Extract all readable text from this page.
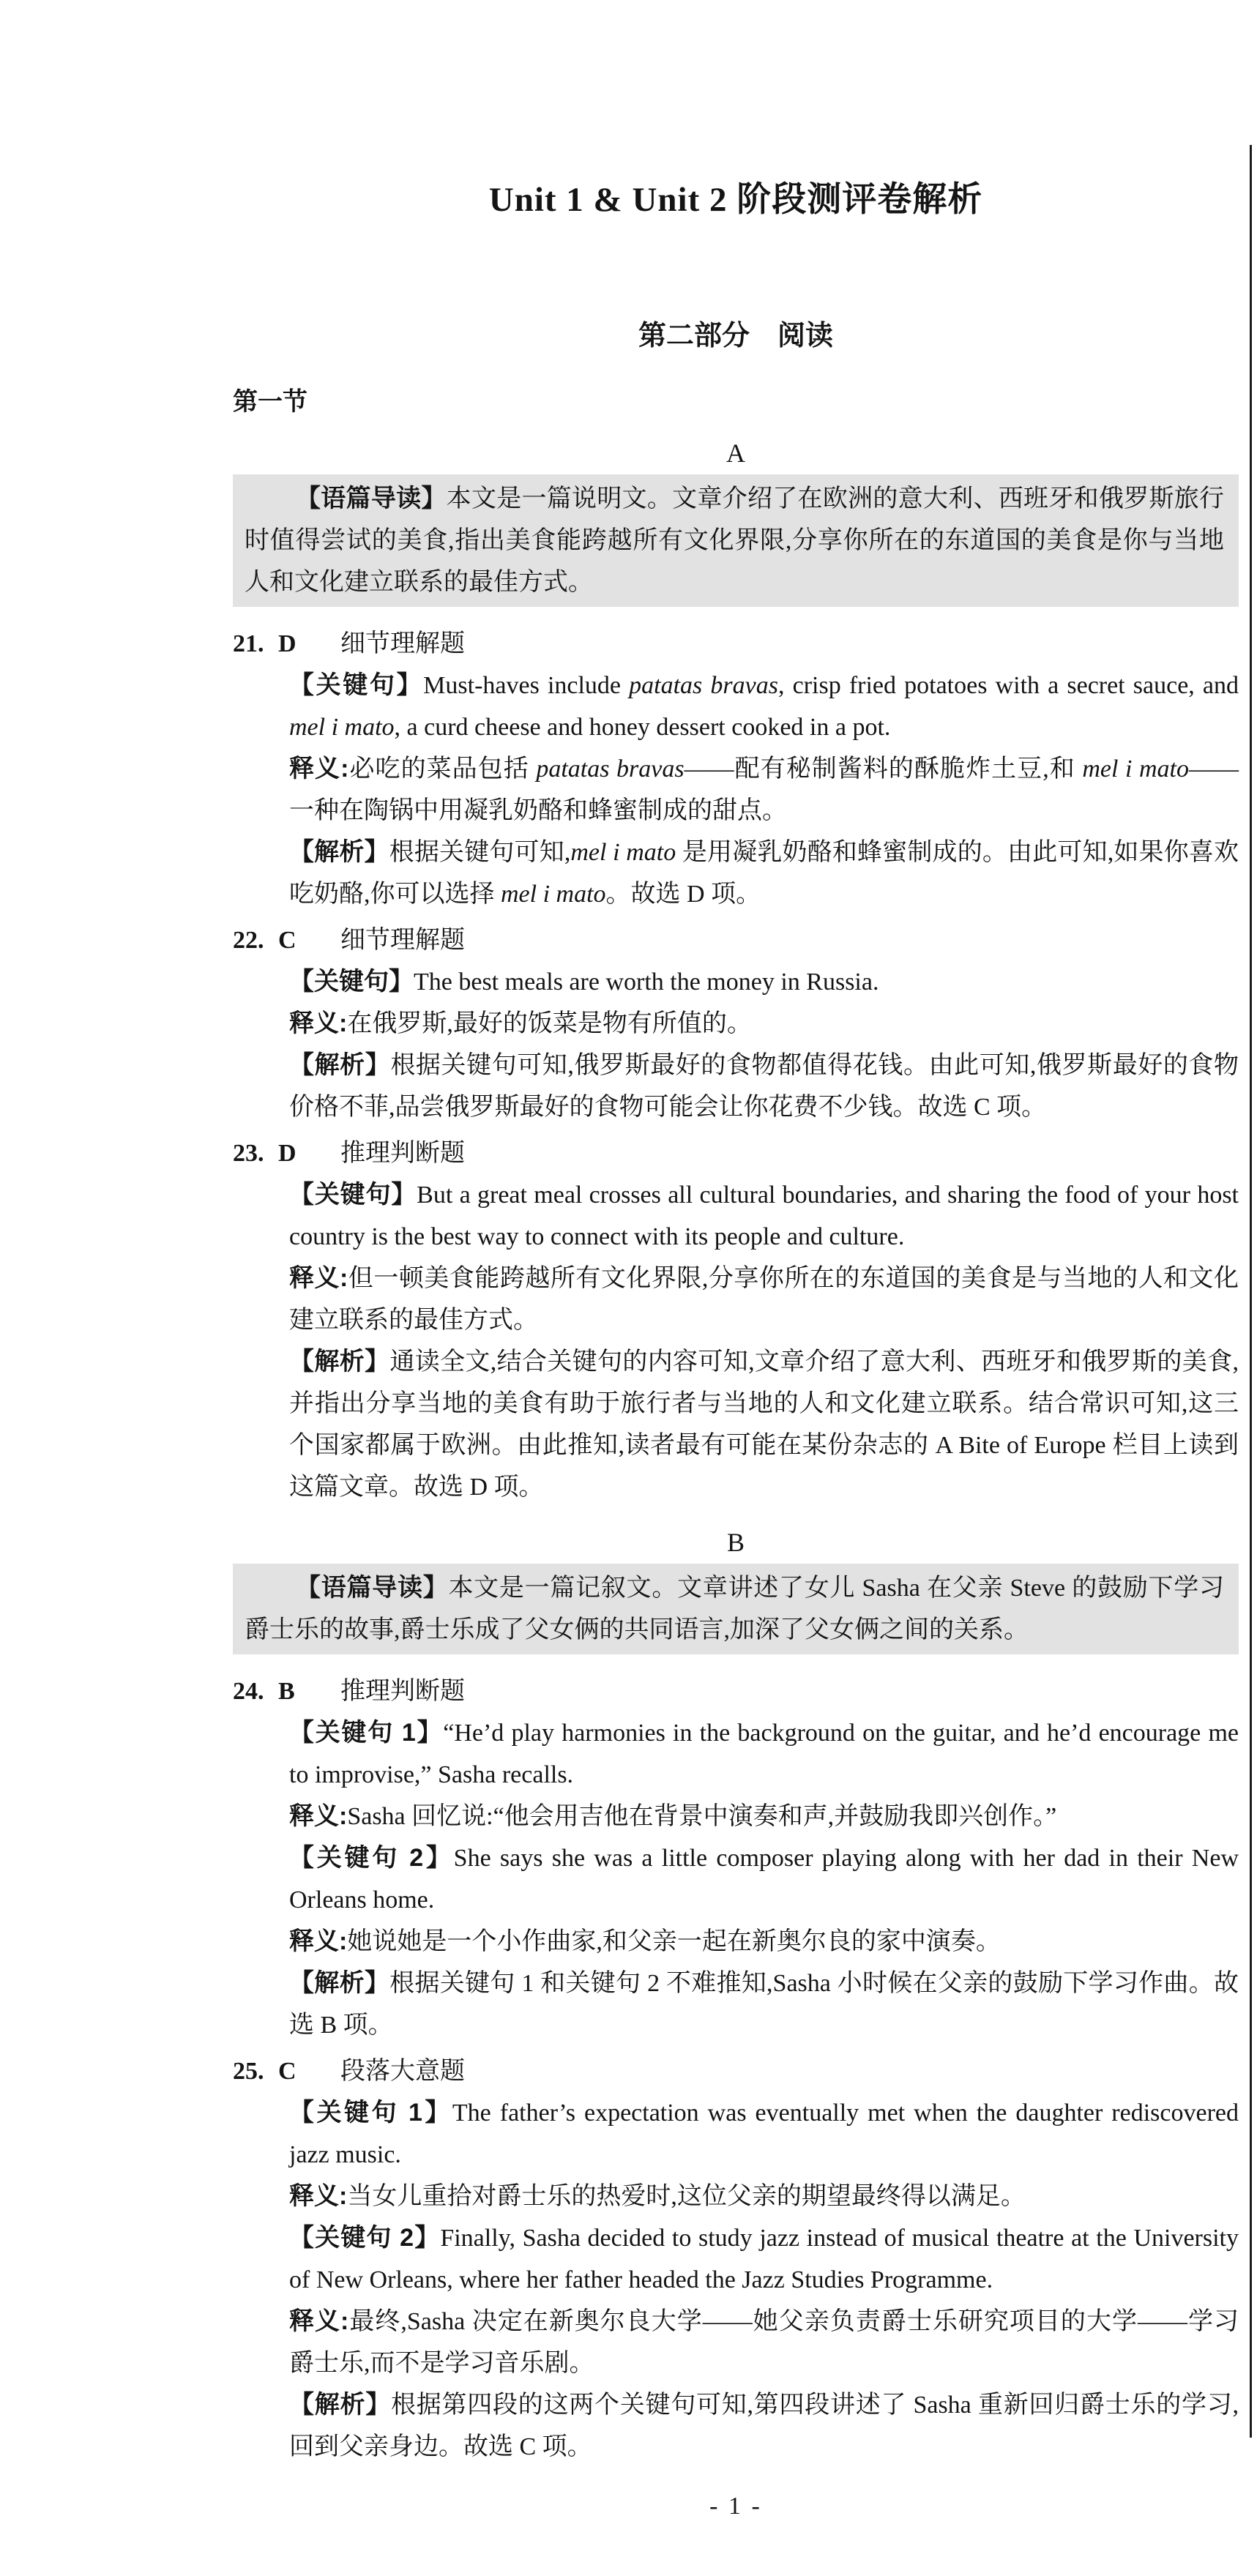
Unit 1 & Unit 2 阶段测评卷解析
第二部分　阅读
第一节
A

【语篇导读】本文是一篇说明文。文章介绍了在欧洲的意大利、西班牙和俄罗斯旅行时值得尝试的美食,指出美食能跨越所有文化界限,分享你所在的东道国的美食是你与当地人和文化建立联系的最佳方式。

21. D 细节理解题

【关键句】Must-haves include patatas bravas, crisp fried potatoes with a secret sauce, and mel i mato, a curd cheese and honey dessert cooked in a pot.

释义:必吃的菜品包括 patatas bravas——配有秘制酱料的酥脆炸土豆,和 mel i mato——一种在陶锅中用凝乳奶酪和蜂蜜制成的甜点。

【解析】根据关键句可知,mel i mato 是用凝乳奶酪和蜂蜜制成的。由此可知,如果你喜欢吃奶酪,你可以选择 mel i mato。故选 D 项。

22. C 细节理解题

【关键句】The best meals are worth the money in Russia.

释义:在俄罗斯,最好的饭菜是物有所值的。

【解析】根据关键句可知,俄罗斯最好的食物都值得花钱。由此可知,俄罗斯最好的食物价格不菲,品尝俄罗斯最好的食物可能会让你花费不少钱。故选 C 项。

23. D 推理判断题

【关键句】But a great meal crosses all cultural boundaries, and sharing the food of your host country is the best way to connect with its people and culture.

释义:但一顿美食能跨越所有文化界限,分享你所在的东道国的美食是与当地的人和文化建立联系的最佳方式。

【解析】通读全文,结合关键句的内容可知,文章介绍了意大利、西班牙和俄罗斯的美食,并指出分享当地的美食有助于旅行者与当地的人和文化建立联系。结合常识可知,这三个国家都属于欧洲。由此推知,读者最有可能在某份杂志的 A Bite of Europe 栏目上读到这篇文章。故选 D 项。

B

【语篇导读】本文是一篇记叙文。文章讲述了女儿 Sasha 在父亲 Steve 的鼓励下学习爵士乐的故事,爵士乐成了父女俩的共同语言,加深了父女俩之间的关系。

24. B 推理判断题

【关键句 1】“He’d play harmonies in the background on the guitar, and he’d encourage me to improvise,” Sasha recalls.

释义:Sasha 回忆说:“他会用吉他在背景中演奏和声,并鼓励我即兴创作。”

【关键句 2】She says she was a little composer playing along with her dad in their New Orleans home.

释义:她说她是一个小作曲家,和父亲一起在新奥尔良的家中演奏。

【解析】根据关键句 1 和关键句 2 不难推知,Sasha 小时候在父亲的鼓励下学习作曲。故选 B 项。

25. C 段落大意题

【关键句 1】The father’s expectation was eventually met when the daughter rediscovered jazz music.

释义:当女儿重拾对爵士乐的热爱时,这位父亲的期望最终得以满足。

【关键句 2】Finally, Sasha decided to study jazz instead of musical theatre at the University of New Orleans, where her father headed the Jazz Studies Programme.

释义:最终,Sasha 决定在新奥尔良大学——她父亲负责爵士乐研究项目的大学——学习爵士乐,而不是学习音乐剧。

【解析】根据第四段的这两个关键句可知,第四段讲述了 Sasha 重新回归爵士乐的学习,回到父亲身边。故选 C 项。

- 1 -
